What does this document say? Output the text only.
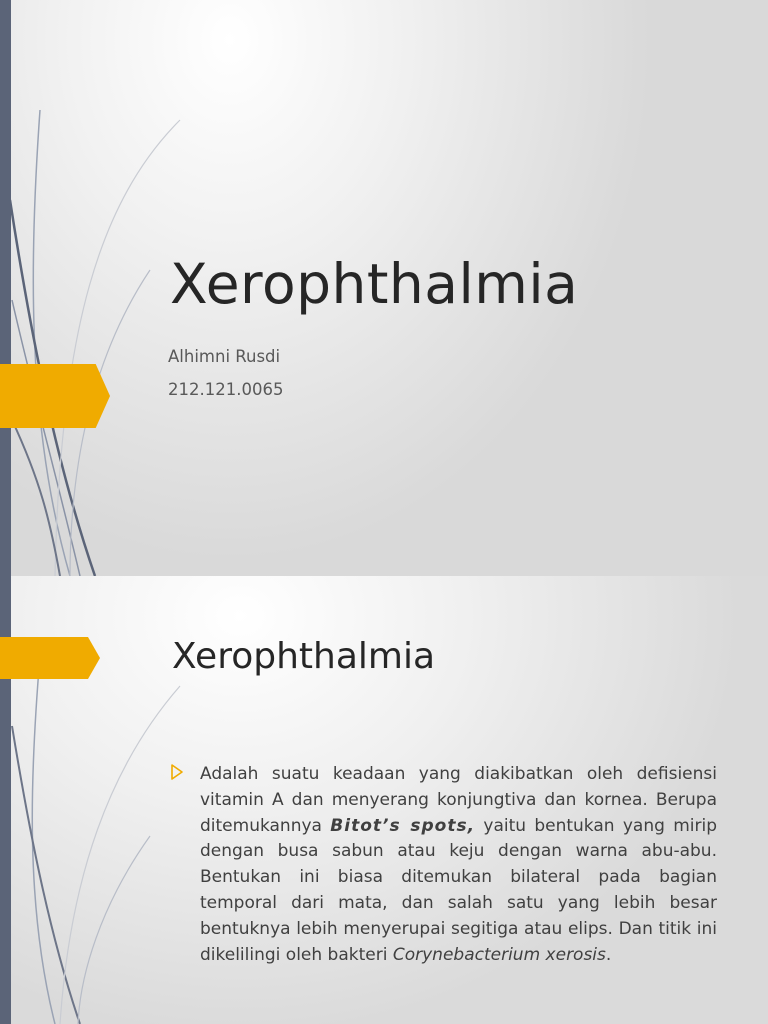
Xerophthalmia
Alhimni Rusdi
212.121.0065
Xerophthalmia
Adalah suatu keadaan yang diakibatkan oleh defisiensi vitamin A dan menyerang konjungtiva dan kornea. Berupa ditemukannya Bitot’s spots, yaitu bentukan yang mirip dengan busa sabun atau keju dengan warna abu-abu. Bentukan ini biasa ditemukan bilateral pada bagian temporal dari mata, dan salah satu yang lebih besar bentuknya lebih menyerupai segitiga atau elips. Dan titik ini dikelilingi oleh bakteri Corynebacterium xerosis.
